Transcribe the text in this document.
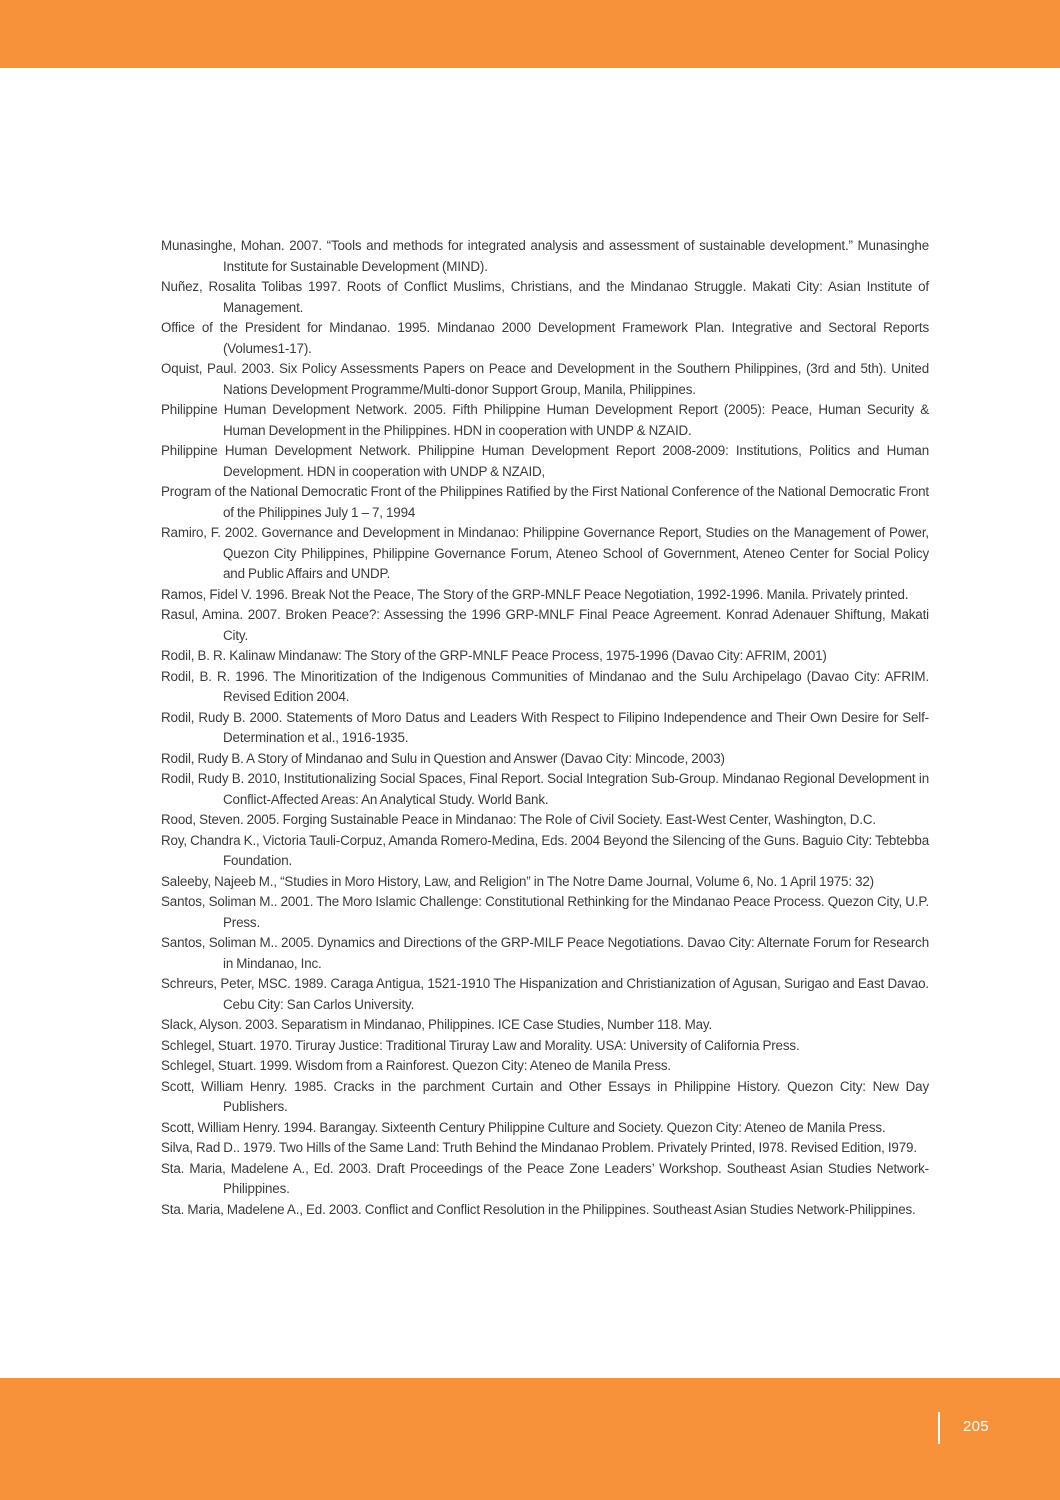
Munasinghe, Mohan. 2007. “Tools and methods for integrated analysis and assessment of sustainable development.” Munasinghe Institute for Sustainable Development (MIND).
Nuñez, Rosalita Tolibas 1997. Roots of Conflict Muslims, Christians, and the Mindanao Struggle. Makati City: Asian Institute of Management.
Office of the President for Mindanao. 1995. Mindanao 2000 Development Framework Plan. Integrative and Sectoral Reports (Volumes1-17).
Oquist, Paul. 2003. Six Policy Assessments Papers on Peace and Development in the Southern Philippines, (3rd and 5th). United Nations Development Programme/Multi-donor Support Group, Manila, Philippines.
Philippine Human Development Network. 2005. Fifth Philippine Human Development Report (2005): Peace, Human Security & Human Development in the Philippines. HDN in cooperation with UNDP & NZAID.
Philippine Human Development Network. Philippine Human Development Report 2008-2009: Institutions, Politics and Human Development. HDN in cooperation with UNDP & NZAID,
Program of the National Democratic Front of the Philippines Ratified by the First National Conference of the National Democratic Front of the Philippines July 1 – 7, 1994
Ramiro, F. 2002. Governance and Development in Mindanao: Philippine Governance Report, Studies on the Management of Power, Quezon City Philippines, Philippine Governance Forum, Ateneo School of Government, Ateneo Center for Social Policy and Public Affairs and UNDP.
Ramos, Fidel V. 1996. Break Not the Peace, The Story of the GRP-MNLF Peace Negotiation, 1992-1996. Manila. Privately printed.
Rasul, Amina. 2007. Broken Peace?: Assessing the 1996 GRP-MNLF Final Peace Agreement. Konrad Adenauer Shiftung, Makati City.
Rodil, B. R. Kalinaw Mindanaw: The Story of the GRP-MNLF Peace Process, 1975-1996 (Davao City: AFRIM, 2001)
Rodil, B. R. 1996. The Minoritization of the Indigenous Communities of Mindanao and the Sulu Archipelago (Davao City: AFRIM. Revised Edition 2004.
Rodil, Rudy B. 2000. Statements of Moro Datus and Leaders With Respect to Filipino Independence and Their Own Desire for Self-Determination et al., 1916-1935.
Rodil, Rudy B. A Story of Mindanao and Sulu in Question and Answer (Davao City: Mincode, 2003)
Rodil, Rudy B. 2010, Institutionalizing Social Spaces, Final Report. Social Integration Sub-Group. Mindanao Regional Development in Conflict-Affected Areas: An Analytical Study. World Bank.
Rood, Steven. 2005. Forging Sustainable Peace in Mindanao: The Role of Civil Society. East-West Center, Washington, D.C.
Roy, Chandra K., Victoria Tauli-Corpuz, Amanda Romero-Medina, Eds. 2004 Beyond the Silencing of the Guns. Baguio City: Tebtebba Foundation.
Saleeby, Najeeb M., “Studies in Moro History, Law, and Religion” in The Notre Dame Journal, Volume 6, No. 1 April 1975: 32)
Santos, Soliman M.. 2001. The Moro Islamic Challenge: Constitutional Rethinking for the Mindanao Peace Process. Quezon City, U.P. Press.
Santos, Soliman M.. 2005. Dynamics and Directions of the GRP-MILF Peace Negotiations. Davao City: Alternate Forum for Research in Mindanao, Inc.
Schreurs, Peter, MSC. 1989. Caraga Antigua, 1521-1910 The Hispanization and Christianization of Agusan, Surigao and East Davao. Cebu City: San Carlos University.
Slack, Alyson. 2003. Separatism in Mindanao, Philippines. ICE Case Studies, Number 118. May.
Schlegel, Stuart. 1970. Tiruray Justice: Traditional Tiruray Law and Morality. USA: University of California Press.
Schlegel, Stuart. 1999. Wisdom from a Rainforest. Quezon City: Ateneo de Manila Press.
Scott, William Henry. 1985. Cracks in the parchment Curtain and Other Essays in Philippine History. Quezon City: New Day Publishers.
Scott, William Henry. 1994. Barangay. Sixteenth Century Philippine Culture and Society. Quezon City: Ateneo de Manila Press.
Silva, Rad D.. 1979. Two Hills of the Same Land: Truth Behind the Mindanao Problem. Privately Printed, I978. Revised Edition, I979.
Sta. Maria, Madelene A., Ed. 2003. Draft Proceedings of the Peace Zone Leaders’ Workshop. Southeast Asian Studies Network-Philippines.
Sta. Maria, Madelene A., Ed. 2003. Conflict and Conflict Resolution in the Philippines. Southeast Asian Studies Network-Philippines.
205
